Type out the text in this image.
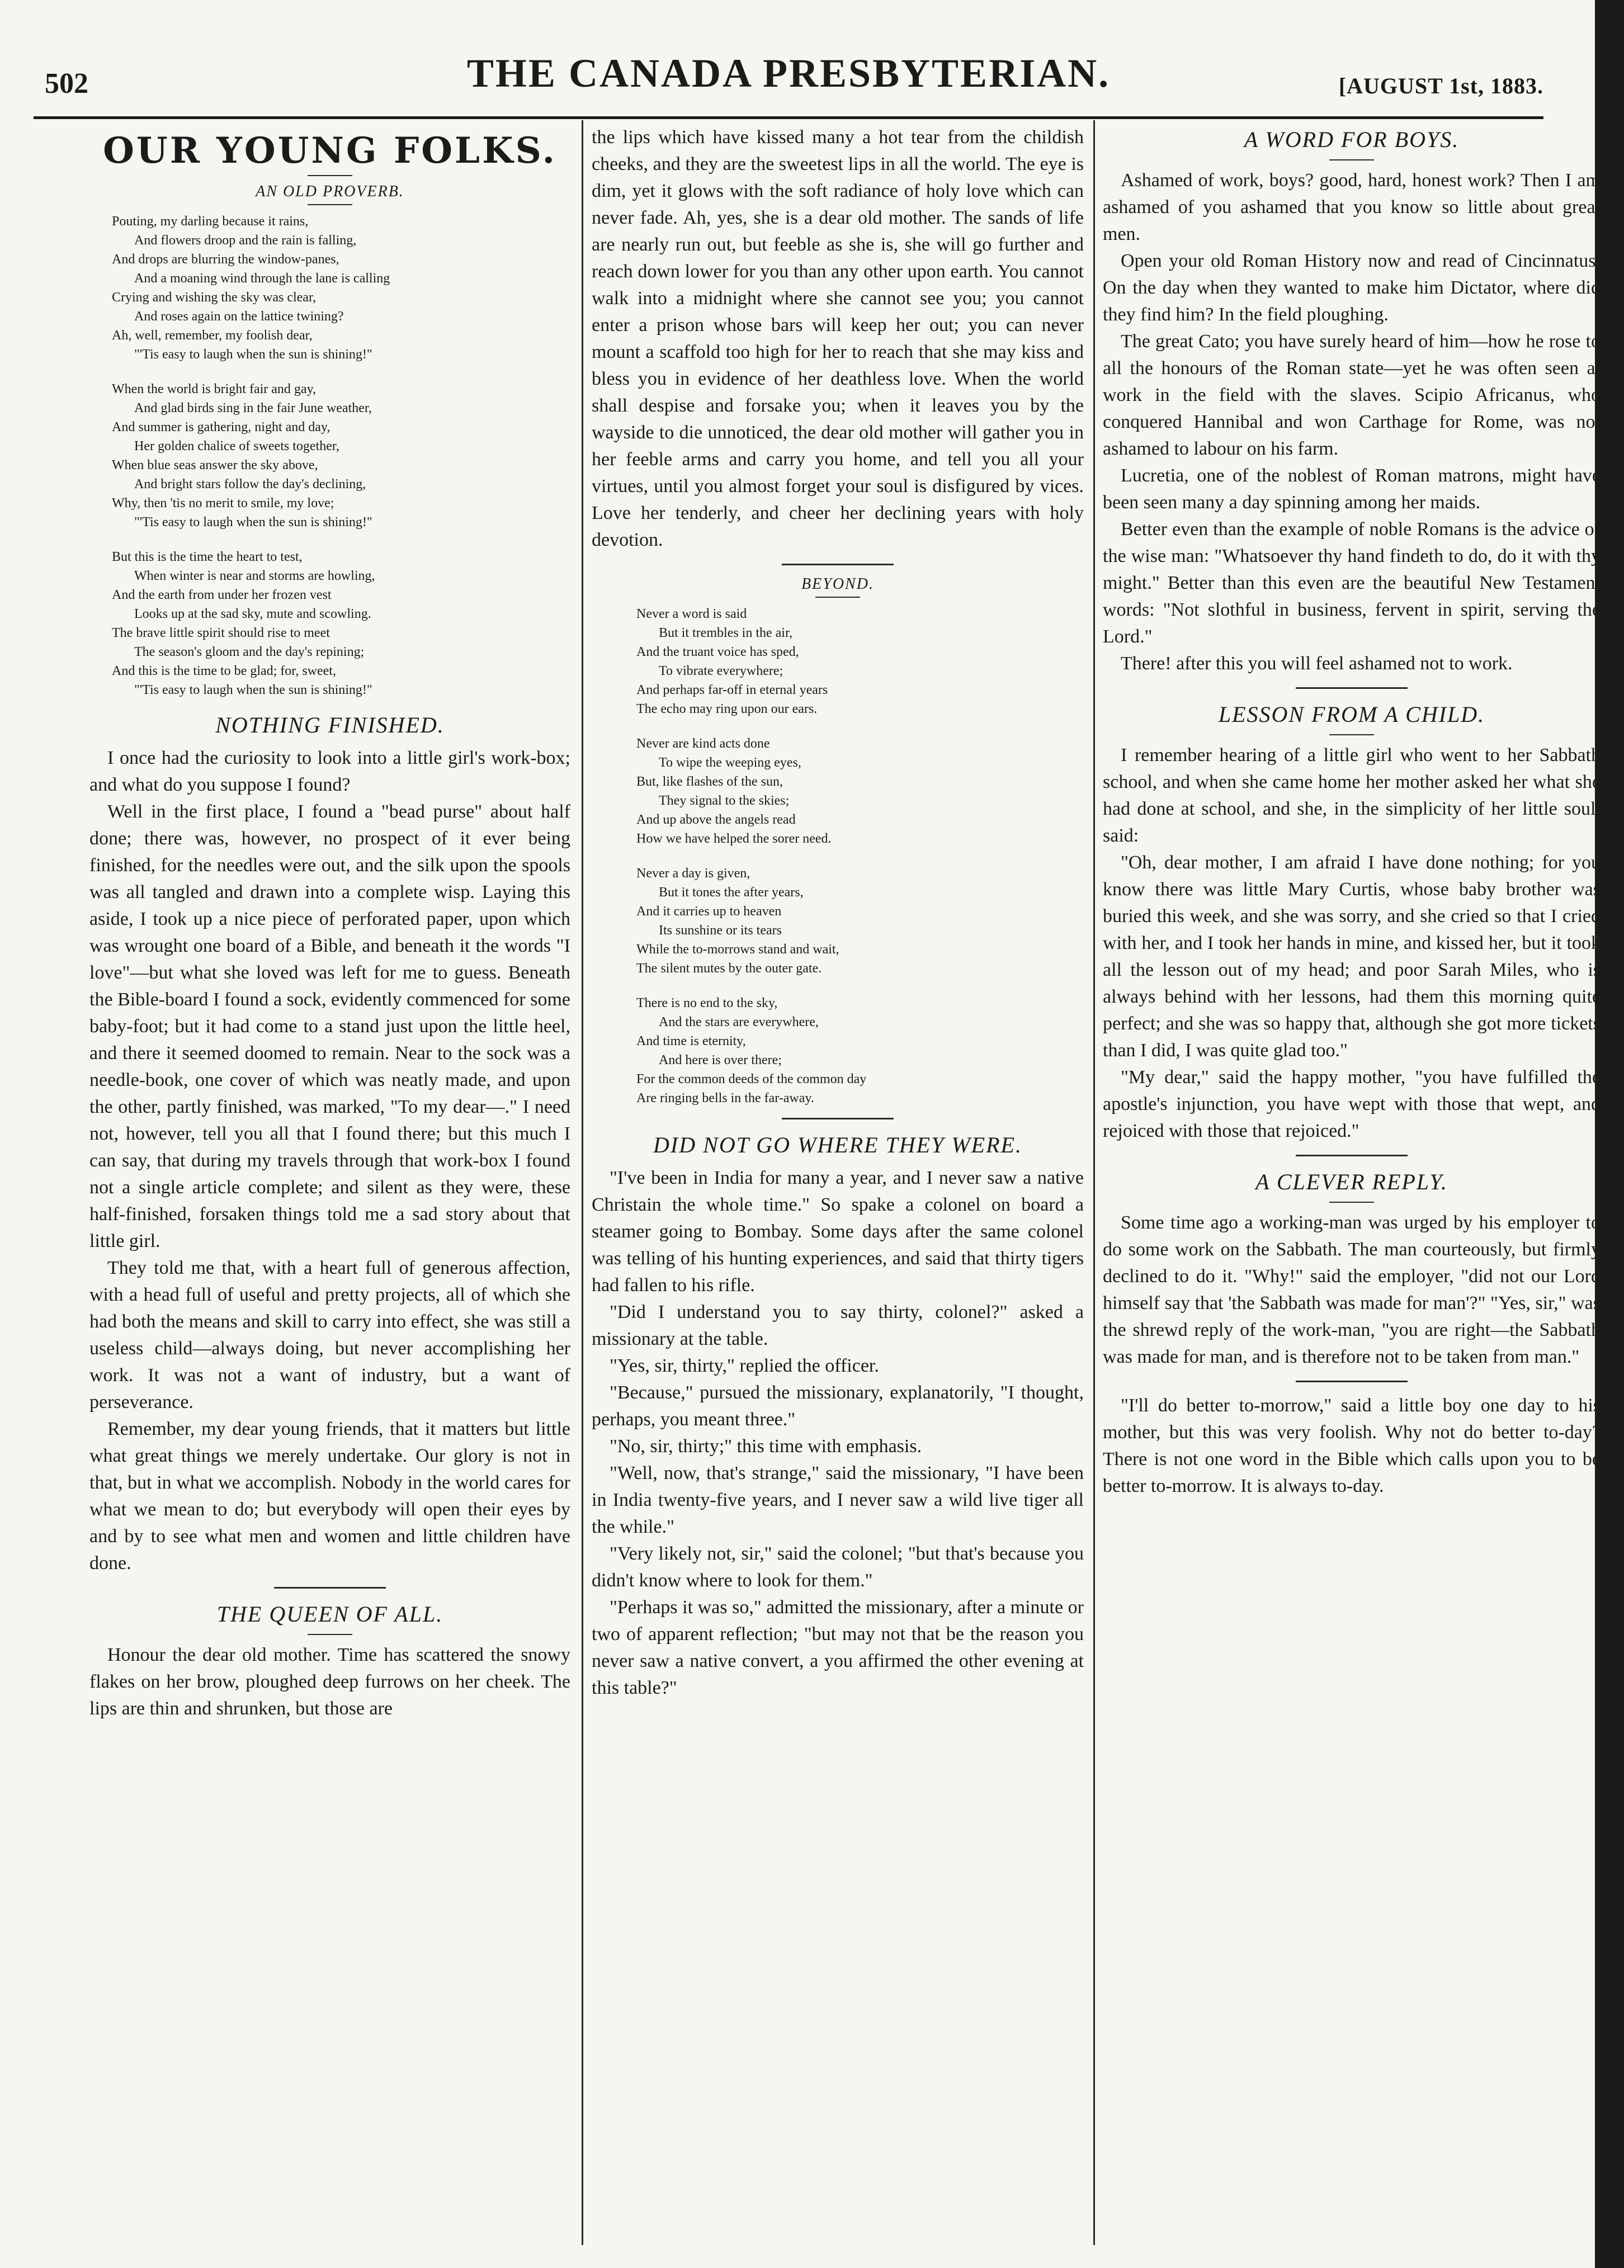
502	THE CANADA PRESBYTERIAN.	[AUGUST 1st, 1883.
OUR YOUNG FOLKS.
AN OLD PROVERB.
Pouting, my darling because it rains,
And flowers droop and the rain is falling,
And drops are blurring the window-panes,
And a moaning wind through the lane is calling
Crying and wishing the sky was clear,
And roses again on the lattice twining?
Ah, well, remember, my foolish dear,
"'Tis easy to laugh when the sun is shining!"
When the world is bright fair and gay,
And glad birds sing in the fair June weather,
And summer is gathering, night and day,
Her golden chalice of sweets together,
When blue seas answer the sky above,
And bright stars follow the day's declining,
Why, then 'tis no merit to smile, my love;
"'Tis easy to laugh when the sun is shining!"
But this is the time the heart to test,
When winter is near and storms are howling,
And the earth from under her frozen vest
Looks up at the sad sky, mute and scowling.
The brave little spirit should rise to meet
The season's gloom and the day's repining;
And this is the time to be glad; for, sweet,
"'Tis easy to laugh when the sun is shining!"
NOTHING FINISHED.

I once had the curiosity to look into a little girl's work-box; and what do you suppose I found?

Well in the first place, I found a "bead purse" about half done; there was, however, no prospect of it ever being finished, for the needles were out, and the silk upon the spools was all tangled and drawn into a complete wisp. Laying this aside, I took up a nice piece of perforated paper, upon which was wrought one board of a Bible, and beneath it the words "I love"—but what she loved was left for me to guess. Beneath the Bible-board I found a sock, evidently commenced for some baby-foot; but it had come to a stand just upon the little heel, and there it seemed doomed to remain. Near to the sock was a needle-book, one cover of which was neatly made, and upon the other, partly finished, was marked, "To my dear—." I need not, however, tell you all that I found there; but this much I can say, that during my travels through that work-box I found not a single article complete; and silent as they were, these half-finished, forsaken things told me a sad story about that little girl.

They told me that, with a heart full of generous affection, with a head full of useful and pretty projects, all of which she had both the means and skill to carry into effect, she was still a useless child—always doing, but never accomplishing her work. It was not a want of industry, but a want of perseverance.

Remember, my dear young friends, that it matters but little what great things we merely undertake. Our glory is not in that, but in what we accomplish. Nobody in the world cares for what we mean to do; but everybody will open their eyes by and by to see what men and women and little children have done.

THE QUEEN OF ALL.

Honour the dear old mother. Time has scattered the snowy flakes on her brow, ploughed deep furrows on her cheek. The lips are thin and shrunken, but those are

the lips which have kissed many a hot tear from the childish cheeks, and they are the sweetest lips in all the world. The eye is dim, yet it glows with the soft radiance of holy love which can never fade. Ah, yes, she is a dear old mother. The sands of life are nearly run out, but feeble as she is, she will go further and reach down lower for you than any other upon earth. You cannot walk into a midnight where she cannot see you; you cannot enter a prison whose bars will keep her out; you can never mount a scaffold too high for her to reach that she may kiss and bless you in evidence of her deathless love. When the world shall despise and forsake you; when it leaves you by the wayside to die unnoticed, the dear old mother will gather you in her feeble arms and carry you home, and tell you all your virtues, until you almost forget your soul is disfigured by vices. Love her tenderly, and cheer her declining years with holy devotion.

BEYOND.
Never a word is said
But it trembles in the air,
And the truant voice has sped,
To vibrate everywhere;
And perhaps far-off in eternal years
The echo may ring upon our ears.
Never are kind acts done
To wipe the weeping eyes,
But, like flashes of the sun,
They signal to the skies;
And up above the angels read
How we have helped the sorer need.
Never a day is given,
But it tones the after years,
And it carries up to heaven
Its sunshine or its tears
While the to-morrows stand and wait,
The silent mutes by the outer gate.
There is no end to the sky,
And the stars are everywhere,
And time is eternity,
And here is over there;
For the common deeds of the common day
Are ringing bells in the far-away.
DID NOT GO WHERE THEY WERE.

"I've been in India for many a year, and I never saw a native Christain the whole time." So spake a colonel on board a steamer going to Bombay. Some days after the same colonel was telling of his hunting experiences, and said that thirty tigers had fallen to his rifle.

"Did I understand you to say thirty, colonel?" asked a missionary at the table.

"Yes, sir, thirty," replied the officer.

"Because," pursued the missionary, explanatorily, "I thought, perhaps, you meant three."

"No, sir, thirty;" this time with emphasis.

"Well, now, that's strange," said the missionary, "I have been in India twenty-five years, and I never saw a wild live tiger all the while."

"Very likely not, sir," said the colonel; "but that's because you didn't know where to look for them."

"Perhaps it was so," admitted the missionary, after a minute or two of apparent reflection; "but may not that be the reason you never saw a native convert, a you affirmed the other evening at this table?"

A WORD FOR BOYS.

Ashamed of work, boys? good, hard, honest work? Then I am ashamed of you ashamed that you know so little about great men.

Open your old Roman History now and read of Cincinnatus. On the day when they wanted to make him Dictator, where did they find him? In the field ploughing.

The great Cato; you have surely heard of him—how he rose to all the honours of the Roman state—yet he was often seen at work in the field with the slaves. Scipio Africanus, who conquered Hannibal and won Carthage for Rome, was not ashamed to labour on his farm.

Lucretia, one of the noblest of Roman matrons, might have been seen many a day spinning among her maids.

Better even than the example of noble Romans is the advice of the wise man: "Whatsoever thy hand findeth to do, do it with thy might." Better than this even are the beautiful New Testament words: "Not slothful in business, fervent in spirit, serving the Lord."

There! after this you will feel ashamed not to work.

LESSON FROM A CHILD.

I remember hearing of a little girl who went to her Sabbath school, and when she came home her mother asked her what she had done at school, and she, in the simplicity of her little soul, said:

"Oh, dear mother, I am afraid I have done nothing; for you know there was little Mary Curtis, whose baby brother was buried this week, and she was sorry, and she cried so that I cried with her, and I took her hands in mine, and kissed her, but it took all the lesson out of my head; and poor Sarah Miles, who is always behind with her lessons, had them this morning quite perfect; and she was so happy that, although she got more tickets than I did, I was quite glad too."

"My dear," said the happy mother, "you have fulfilled the apostle's injunction, you have wept with those that wept, and rejoiced with those that rejoiced."

A CLEVER REPLY.

Some time ago a working-man was urged by his employer to do some work on the Sabbath. The man courteously, but firmly declined to do it. "Why!" said the employer, "did not our Lord himself say that 'the Sabbath was made for man'?" "Yes, sir," was the shrewd reply of the work-man, "you are right—the Sabbath was made for man, and is therefore not to be taken from man."

"I'll do better to-morrow," said a little boy one day to his mother, but this was very foolish. Why not do better to-day? There is not one word in the Bible which calls upon you to be better to-morrow. It is always to-day.
